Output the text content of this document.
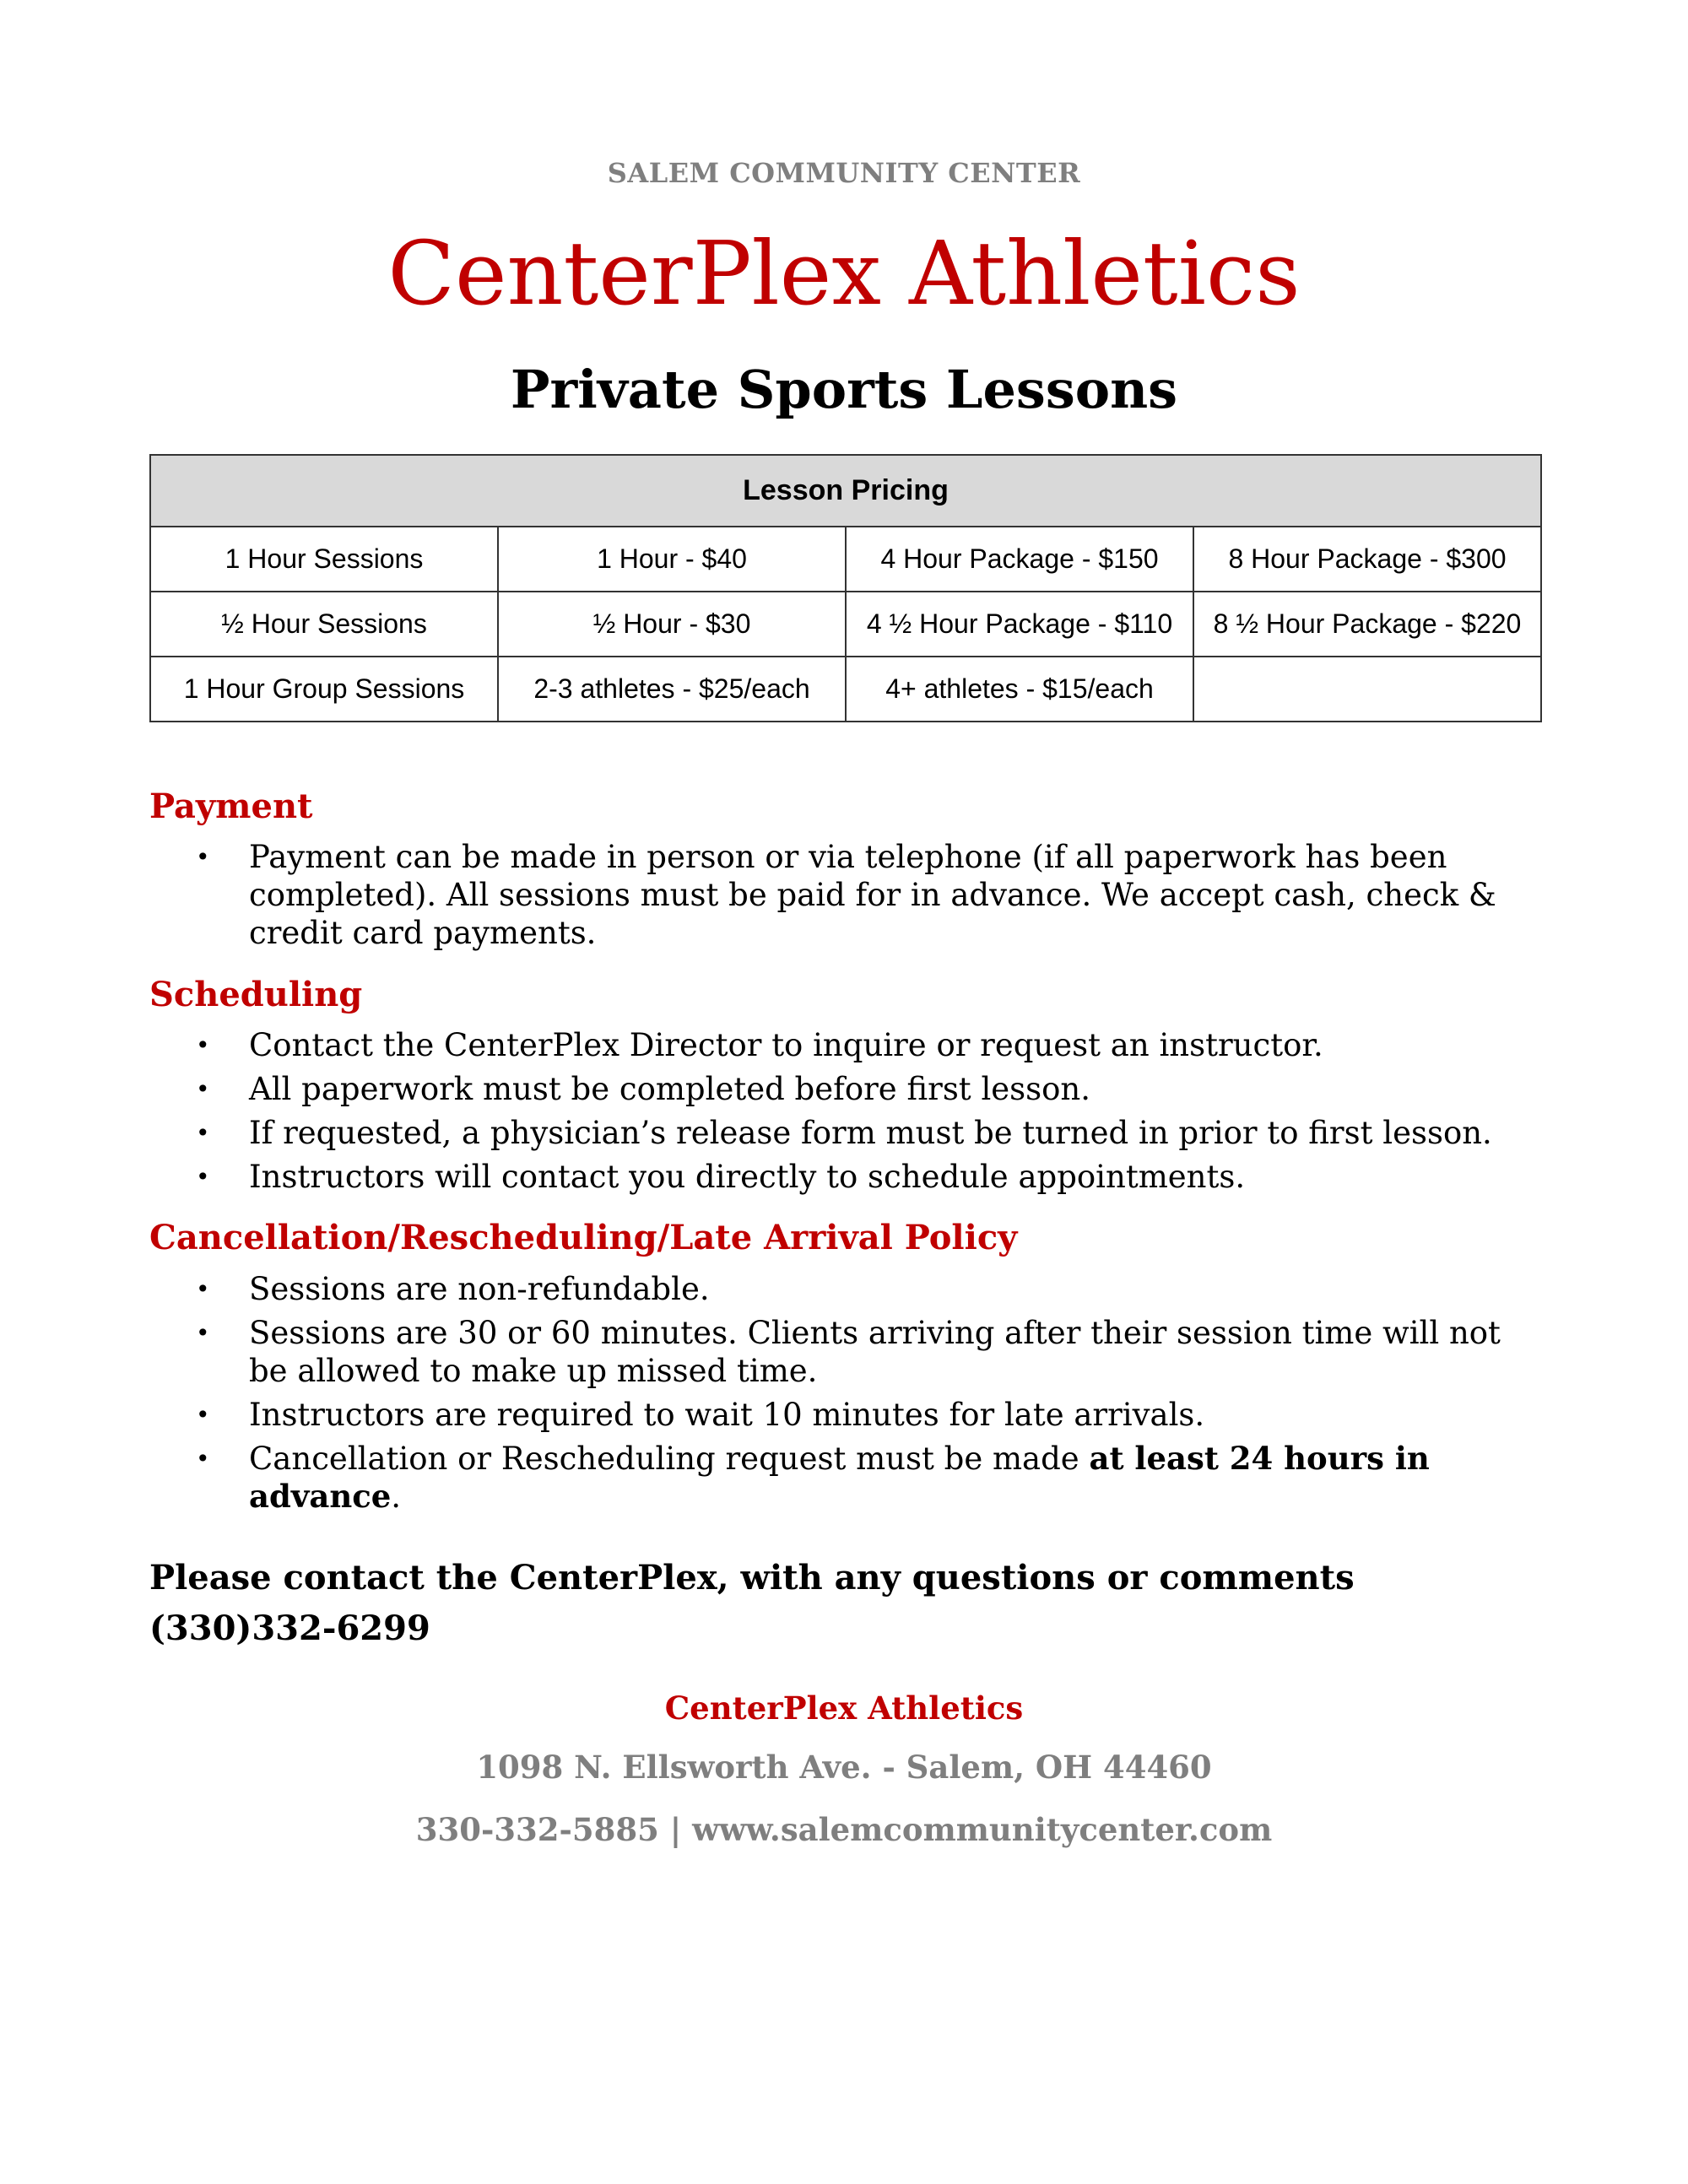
SALEM COMMUNITY CENTER
CenterPlex Athletics
Private Sports Lessons
Lesson Pricing			
1 Hour Sessions	1 Hour - $40	4 Hour Package - $150	8 Hour Package - $300
½ Hour Sessions	½ Hour - $30	4 ½ Hour Package - $110	8 ½ Hour Package - $220
1 Hour Group Sessions	2-3 athletes - $25/each	4+ athletes - $15/each	
Payment
• Payment can be made in person or via telephone (if all paperwork has been completed). All sessions must be paid for in advance. We accept cash, check & credit card payments.
Scheduling
• Contact the CenterPlex Director to inquire or request an instructor.
• All paperwork must be completed before first lesson.
• If requested, a physician’s release form must be turned in prior to first lesson.
• Instructors will contact you directly to schedule appointments.
Cancellation/Rescheduling/Late Arrival Policy
• Sessions are non-refundable.
• Sessions are 30 or 60 minutes. Clients arriving after their session time will not be allowed to make up missed time.
• Instructors are required to wait 10 minutes for late arrivals.
• Cancellation or Rescheduling request must be made at least 24 hours in advance.
Please contact the CenterPlex, with any questions or comments (330)332-6299
CenterPlex Athletics
1098 N. Ellsworth Ave. - Salem, OH 44460
330-332-5885 | www.salemcommunitycenter.com
